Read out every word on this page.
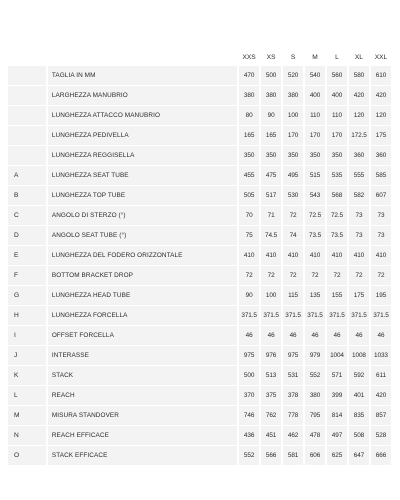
		XXS	XS	S	M	L	XL	XXL
	TAGLIA IN MM	470	500	520	540	560	580	610
	LARGHEZZA MANUBRIO	380	380	380	400	400	420	420
	LUNGHEZZA ATTACCO MANUBRIO	80	90	100	110	110	120	120
	LUNGHEZZA PEDIVELLA	165	165	170	170	170	172.5	175
	LUNGHEZZA REGGISELLA	350	350	350	350	350	360	360
A	LUNGHEZZA SEAT TUBE	455	475	495	515	535	555	585
B	LUNGHEZZA TOP TUBE	505	517	530	543	568	582	607
C	ANGOLO DI STERZO (°)	70	71	72	72.5	72.5	73	73
D	ANGOLO SEAT TUBE (°)	75	74.5	74	73.5	73.5	73	73
E	LUNGHEZZA DEL FODERO ORIZZONTALE	410	410	410	410	410	410	410
F	BOTTOM BRACKET DROP	72	72	72	72	72	72	72
G	LUNGHEZZA HEAD TUBE	90	100	115	135	155	175	195
H	LUNGHEZZA FORCELLA	371.5	371.5	371.5	371.5	371.5	371.5	371.5
I	OFFSET FORCELLA	46	46	46	46	46	46	46
J	INTERASSE	975	976	975	979	1004	1008	1033
K	STACK	500	513	531	552	571	592	611
L	REACH	370	375	378	380	399	401	420
M	MISURA STANDOVER	746	762	778	795	814	835	857
N	REACH EFFICACE	436	451	462	478	497	508	528
O	STACK EFFICACE	552	566	581	606	625	647	666
